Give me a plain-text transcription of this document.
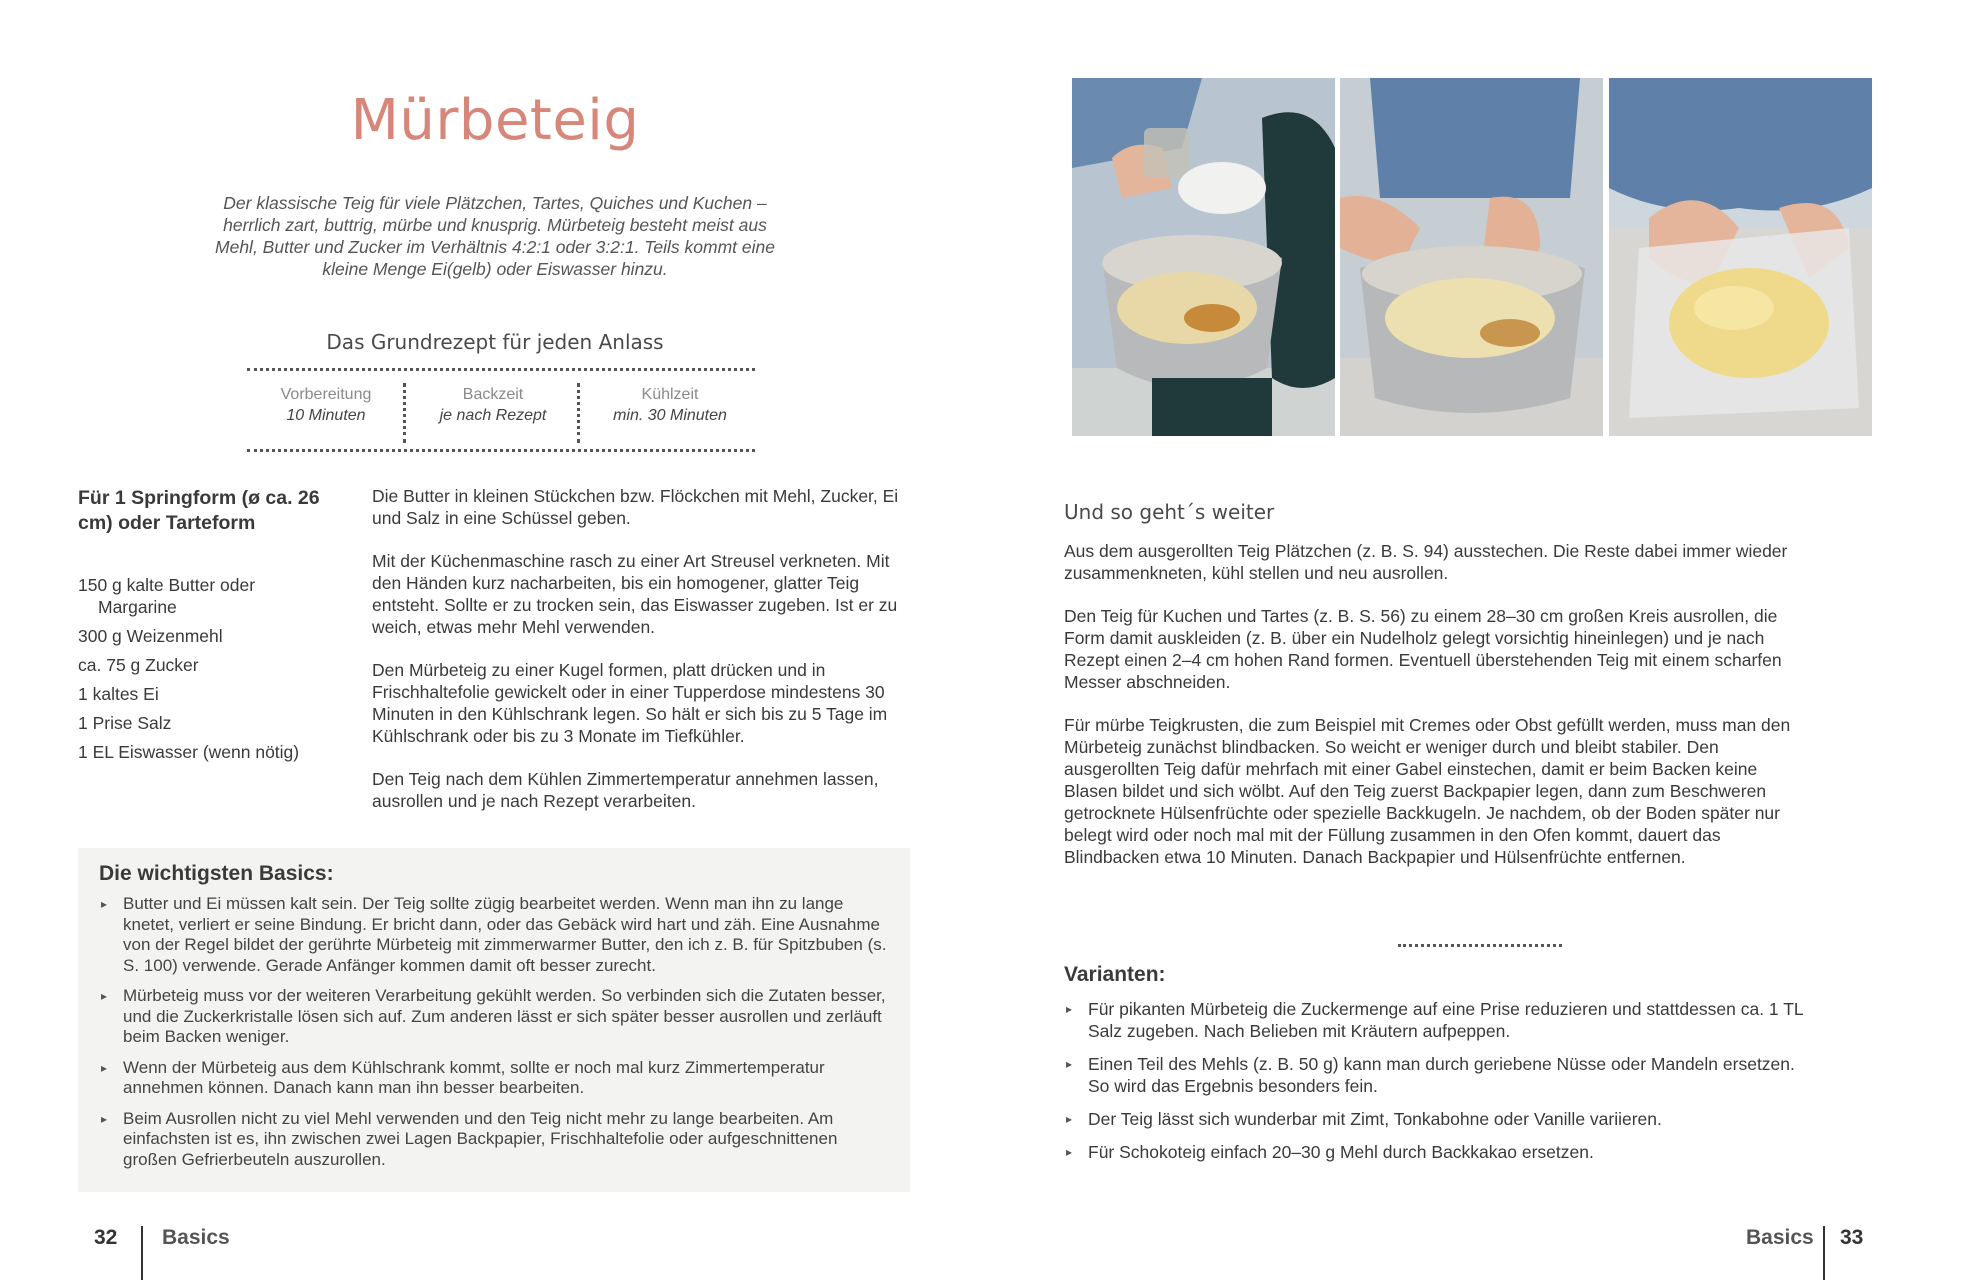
Mürbeteig

Der klassische Teig für viele Plätzchen, Tartes, Quiches und Kuchen – herrlich zart, buttrig, mürbe und knusprig. Mürbeteig besteht meist aus Mehl, Butter und Zucker im Verhältnis 4:2:1 oder 3:2:1. Teils kommt eine kleine Menge Ei(gelb) oder Eiswasser hinzu.

Das Grundrezept für jeden Anlass
Vorbereitung
10 Minuten
Backzeit
je nach Rezept
Kühlzeit
min. 30 Minuten
Für 1 Springform (ø ca. 26 cm) oder Tarteform
150 g kalte Butter oder Margarine
300 g Weizenmehl
ca. 75 g Zucker
1 kaltes Ei
1 Prise Salz
1 EL Eiswasser (wenn nötig)

Die Butter in kleinen Stückchen bzw. Flöckchen mit Mehl, Zucker, Ei und Salz in eine Schüssel geben.

Mit der Küchenmaschine rasch zu einer Art Streusel verkneten. Mit den Händen kurz nacharbeiten, bis ein homogener, glatter Teig entsteht. Sollte er zu trocken sein, das Eiswasser zugeben. Ist er zu weich, etwas mehr Mehl verwenden.

Den Mürbeteig zu einer Kugel formen, platt drücken und in Frischhaltefolie gewickelt oder in einer Tupperdose mindestens 30 Minuten in den Kühlschrank legen. So hält er sich bis zu 5 Tage im Kühlschrank oder bis zu 3 Monate im Tiefkühler.

Den Teig nach dem Kühlen Zimmertemperatur annehmen lassen, ausrollen und je nach Rezept verarbeiten.

Die wichtigsten Basics:
▸ Butter und Ei müssen kalt sein. Der Teig sollte zügig bearbeitet werden. Wenn man ihn zu lange knetet, verliert er seine Bindung. Er bricht dann, oder das Gebäck wird hart und zäh. Eine Ausnahme von der Regel bildet der gerührte Mürbeteig mit zimmerwarmer Butter, den ich z. B. für Spitzbuben (s. S. 100) verwende. Gerade Anfänger kommen damit oft besser zurecht.
▸ Mürbeteig muss vor der weiteren Verarbeitung gekühlt werden. So verbinden sich die Zutaten besser, und die Zuckerkristalle lösen sich auf. Zum anderen lässt er sich später besser ausrollen und zerläuft beim Backen weniger.
▸ Wenn der Mürbeteig aus dem Kühlschrank kommt, sollte er noch mal kurz Zimmertemperatur annehmen können. Danach kann man ihn besser bearbeiten.
▸ Beim Ausrollen nicht zu viel Mehl verwenden und den Teig nicht mehr zu lange bearbeiten. Am einfachsten ist es, ihn zwischen zwei Lagen Backpapier, Frischhaltefolie oder aufgeschnittenen großen Gefrierbeuteln auszurollen.
32 Basics
Und so geht´s weiter

Aus dem ausgerollten Teig Plätzchen (z. B. S. 94) ausstechen. Die Reste dabei immer wieder zusammenkneten, kühl stellen und neu ausrollen.

Den Teig für Kuchen und Tartes (z. B. S. 56) zu einem 28–30 cm großen Kreis ausrollen, die Form damit auskleiden (z. B. über ein Nudelholz gelegt vorsichtig hineinlegen) und je nach Rezept einen 2–4 cm hohen Rand formen. Eventuell überstehenden Teig mit einem scharfen Messer abschneiden.

Für mürbe Teigkrusten, die zum Beispiel mit Cremes oder Obst gefüllt werden, muss man den Mürbeteig zunächst blindbacken. So weicht er weniger durch und bleibt stabiler. Den ausgerollten Teig dafür mehrfach mit einer Gabel einstechen, damit er beim Backen keine Blasen bildet und sich wölbt. Auf den Teig zuerst Backpapier legen, dann zum Beschweren getrocknete Hülsenfrüchte oder spezielle Backkugeln. Je nachdem, ob der Boden später nur belegt wird oder noch mal mit der Füllung zusammen in den Ofen kommt, dauert das Blindbacken etwa 10 Minuten. Danach Backpapier und Hülsenfrüchte entfernen.

Varianten:
▸ Für pikanten Mürbeteig die Zuckermenge auf eine Prise reduzieren und stattdessen ca. 1 TL Salz zugeben. Nach Belieben mit Kräutern aufpeppen.
▸ Einen Teil des Mehls (z. B. 50 g) kann man durch geriebene Nüsse oder Mandeln ersetzen. So wird das Ergebnis besonders fein.
▸ Der Teig lässt sich wunderbar mit Zimt, Tonkabohne oder Vanille variieren.
▸ Für Schokoteig einfach 20–30 g Mehl durch Backkakao ersetzen.
Basics 33
